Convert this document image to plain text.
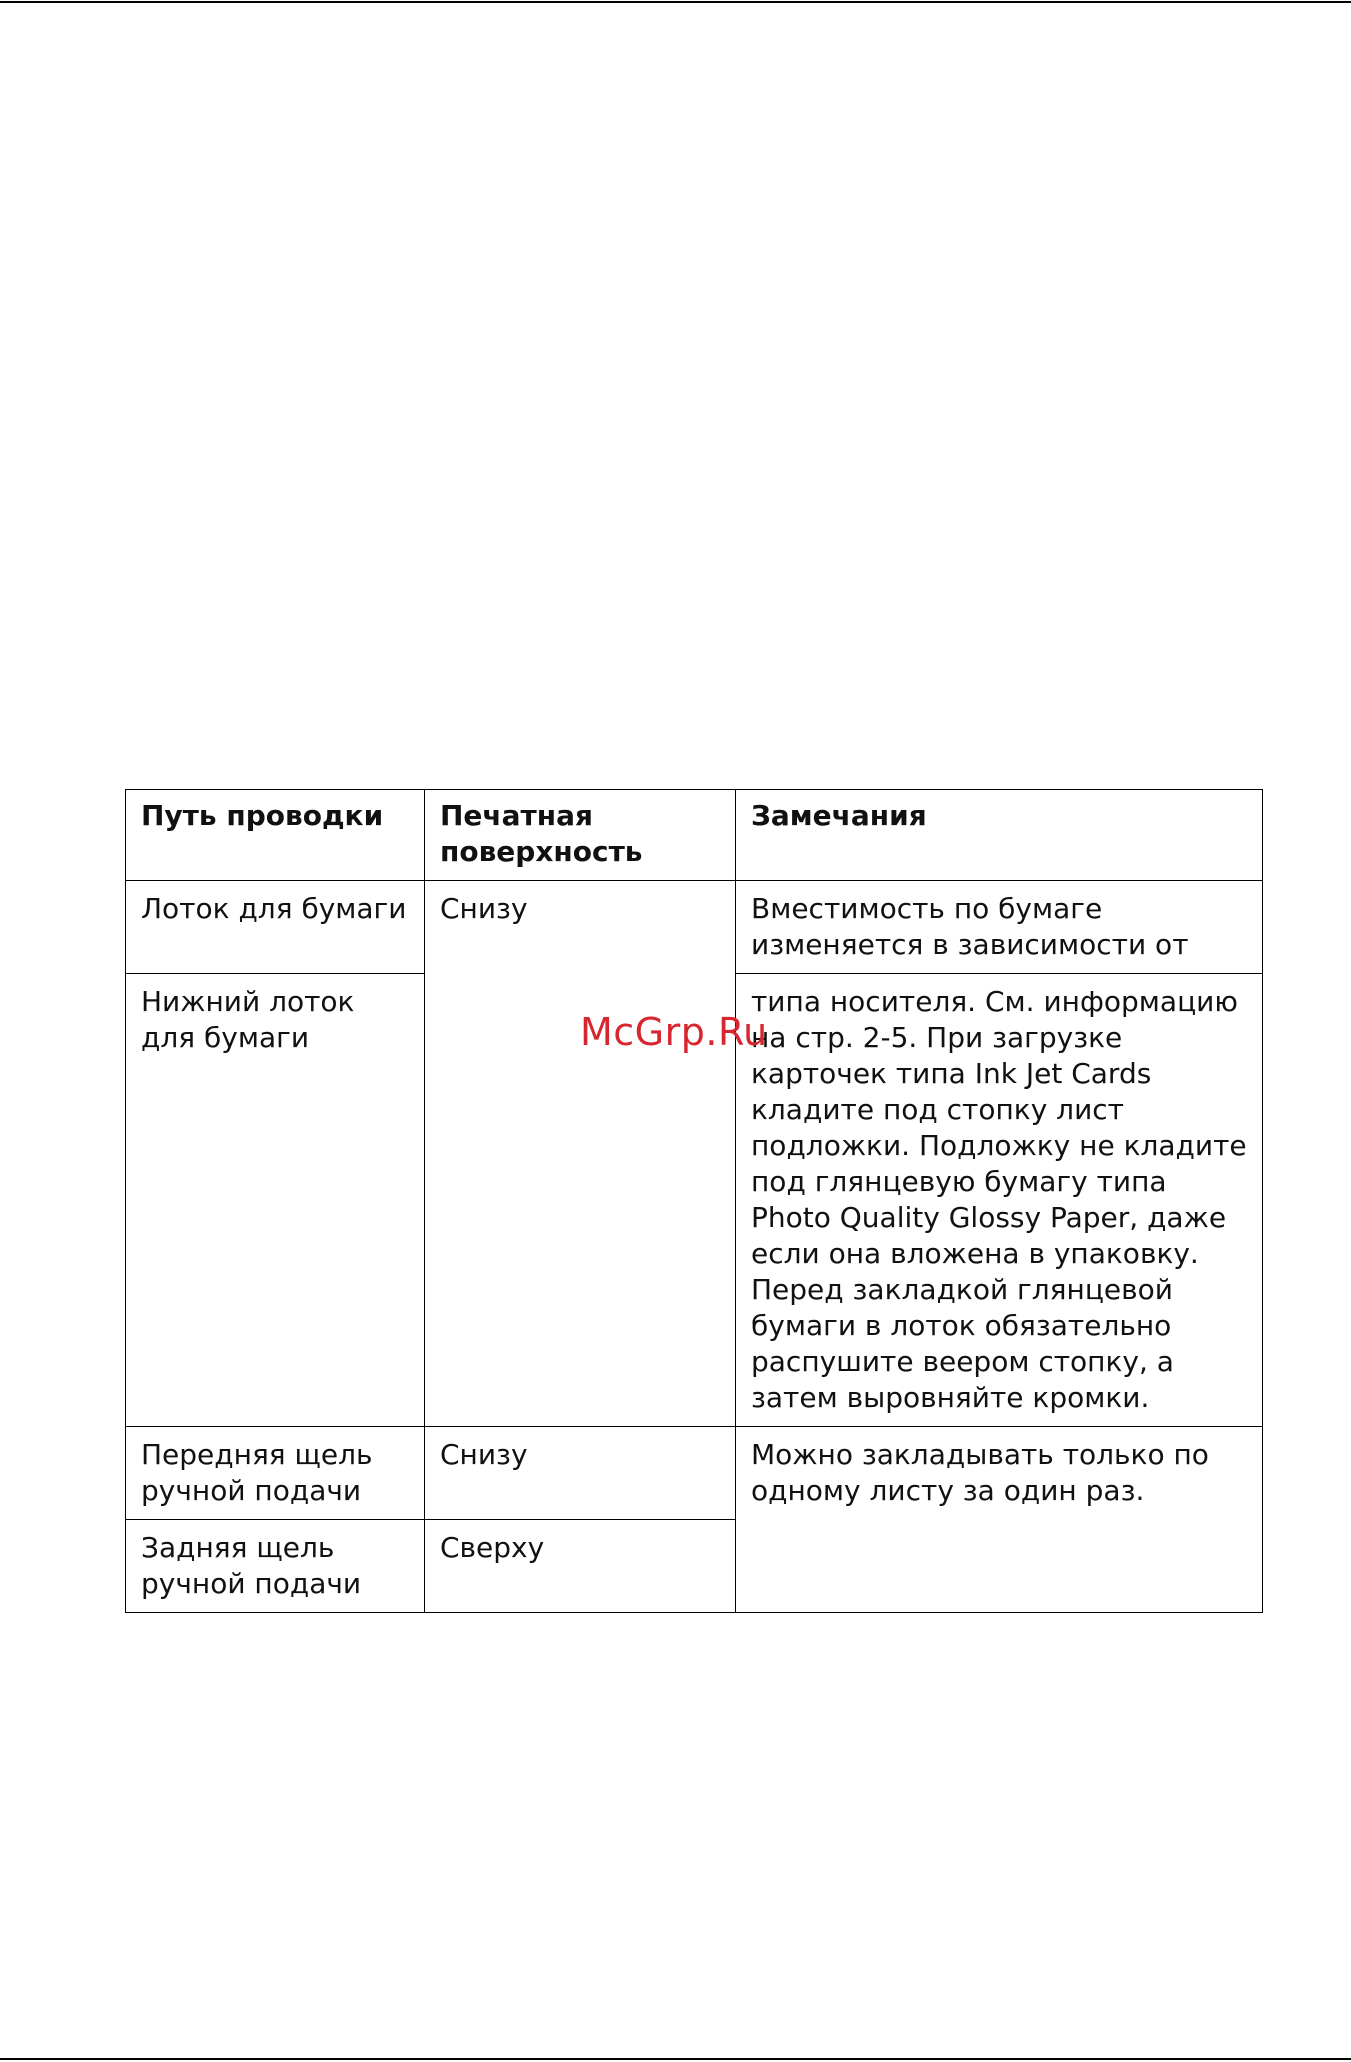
Путь проводки	Печатная поверхность	Замечания
Лоток для бумаги	Снизу	Вместимость по бумаге изменяется в зависимости от
Нижний лоток для бумаги		типа носителя. См. информацию на стр. 2-5. При загрузке карточек типа Ink Jet Cards кладите под стопку лист подложки. Подложку не кладите под глянцевую бумагу типа Photo Quality Glossy Paper, даже если она вложена в упаковку. Перед закладкой глянцевой бумаги в лоток обязательно распушите веером стопку, а затем выровняйте кромки.
Передняя щель ручной подачи	Снизу	Можно закладывать только по одному листу за один раз.
Задняя щель ручной подачи	Сверху	
McGrp.Ru
